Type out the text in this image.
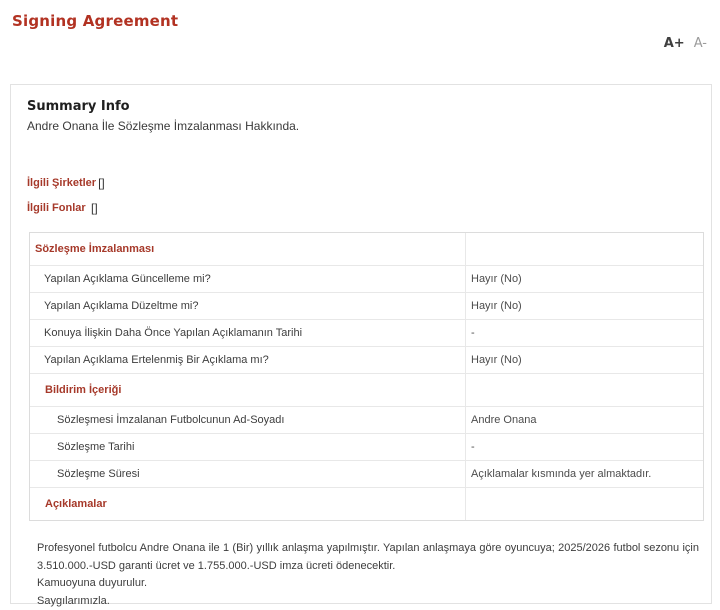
Signing Agreement
A+ A-
Summary Info
Andre Onana İle Sözleşme İmzalanması Hakkında.
İlgili Şirketler []
İlgili Fonlar []
Sözleşme İmzalanması
Yapılan Açıklama Güncelleme mi?	Hayır (No)
Yapılan Açıklama Düzeltme mi?	Hayır (No)
Konuya İlişkin Daha Önce Yapılan Açıklamanın Tarihi	-
Yapılan Açıklama Ertelenmiş Bir Açıklama mı?	Hayır (No)
Bildirim İçeriği
Sözleşmesi İmzalanan Futbolcunun Ad-Soyadı	Andre Onana
Sözleşme Tarihi	-
Sözleşme Süresi	Açıklamalar kısmında yer almaktadır.
Açıklamalar
Profesyonel futbolcu Andre Onana ile 1 (Bir) yıllık anlaşma yapılmıştır. Yapılan anlaşmaya göre oyuncuya; 2025/2026 futbol sezonu için 3.510.000.-USD garanti ücret ve 1.755.000.-USD imza ücreti ödenecektir.
Kamuoyuna duyurulur.
Saygılarımızla.
